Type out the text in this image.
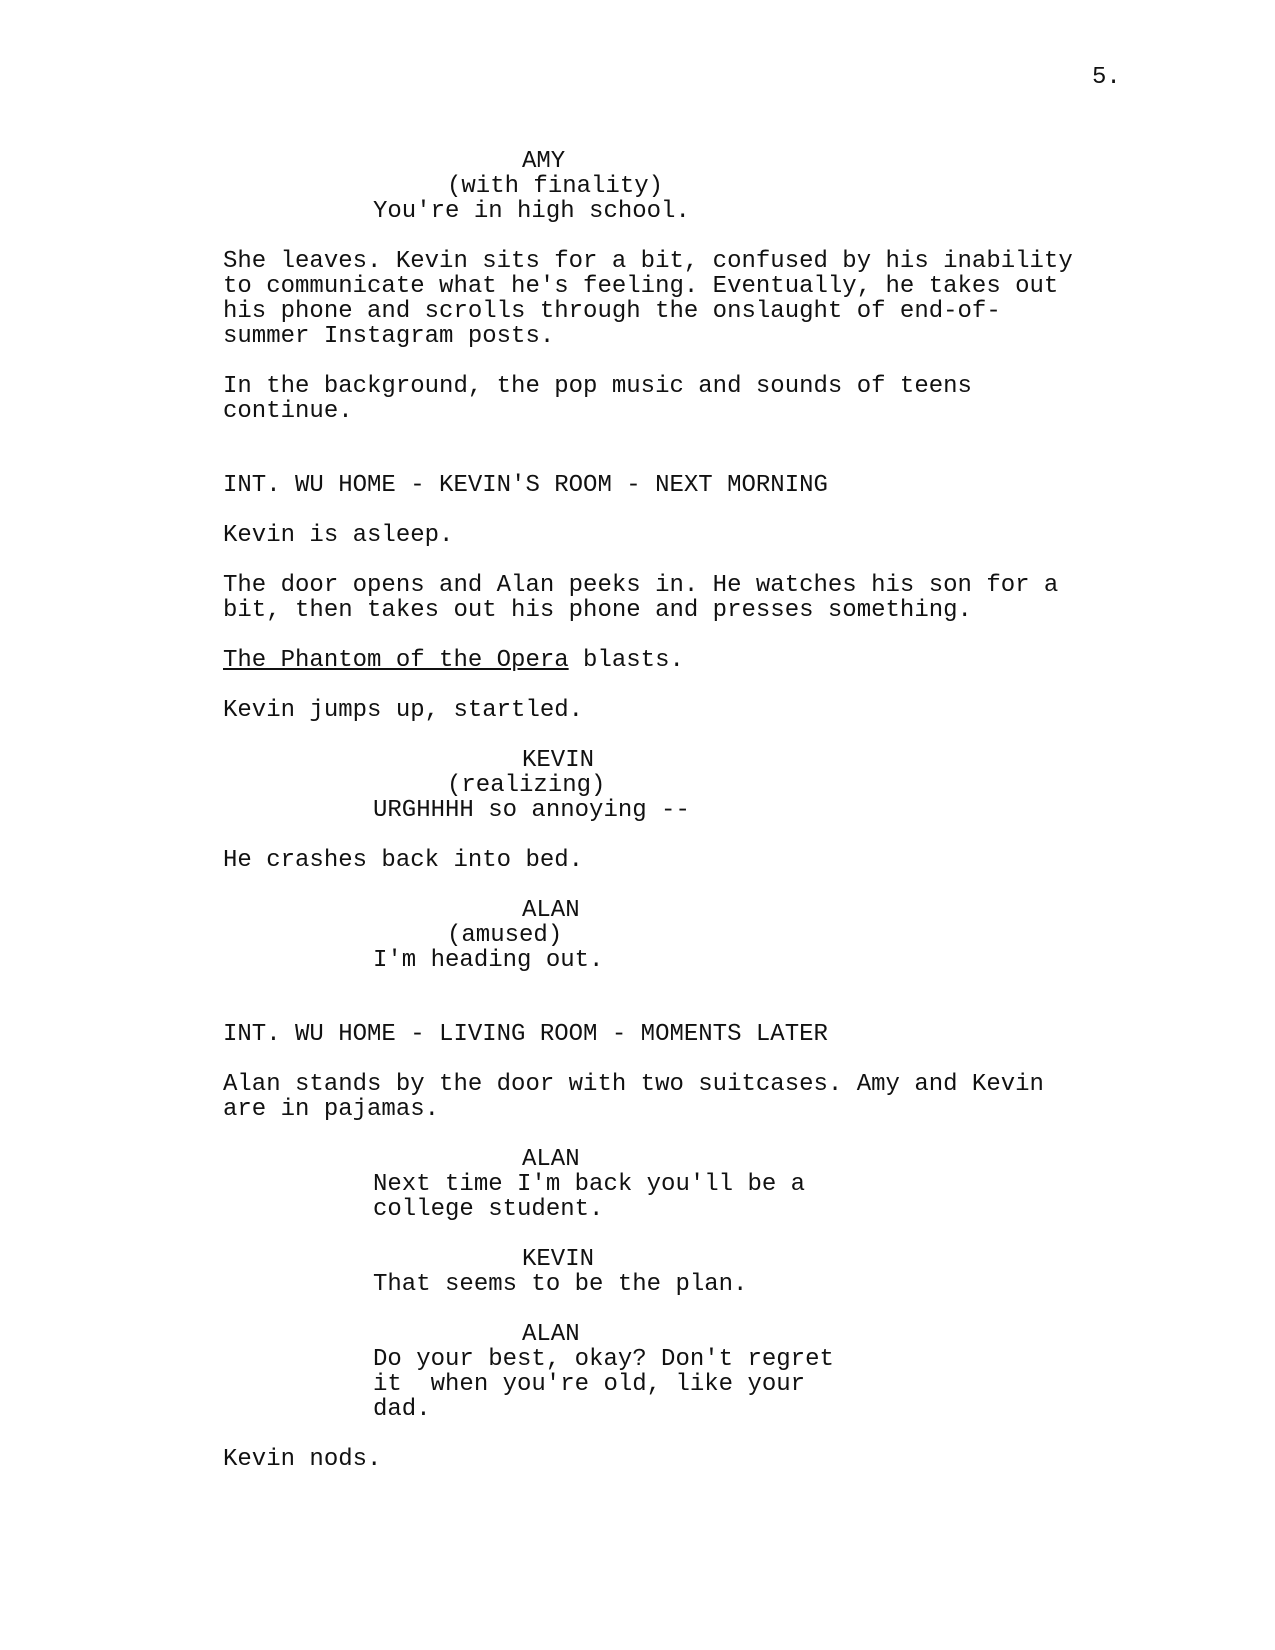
5.
AMY
(with finality)
You're in high school.
She leaves. Kevin sits for a bit, confused by his inability
to communicate what he's feeling. Eventually, he takes out
his phone and scrolls through the onslaught of end-of-
summer Instagram posts.
In the background, the pop music and sounds of teens
continue.
INT. WU HOME - KEVIN'S ROOM - NEXT MORNING
Kevin is asleep.
The door opens and Alan peeks in. He watches his son for a
bit, then takes out his phone and presses something.
The Phantom of the Opera blasts.
Kevin jumps up, startled.
KEVIN
(realizing)
URGHHHH so annoying --
He crashes back into bed.
ALAN
(amused)
I'm heading out.
INT. WU HOME - LIVING ROOM - MOMENTS LATER
Alan stands by the door with two suitcases. Amy and Kevin
are in pajamas.
ALAN
Next time I'm back you'll be a
college student.
KEVIN
That seems to be the plan.
ALAN
Do your best, okay? Don't regret
it  when you're old, like your
dad.
Kevin nods.
